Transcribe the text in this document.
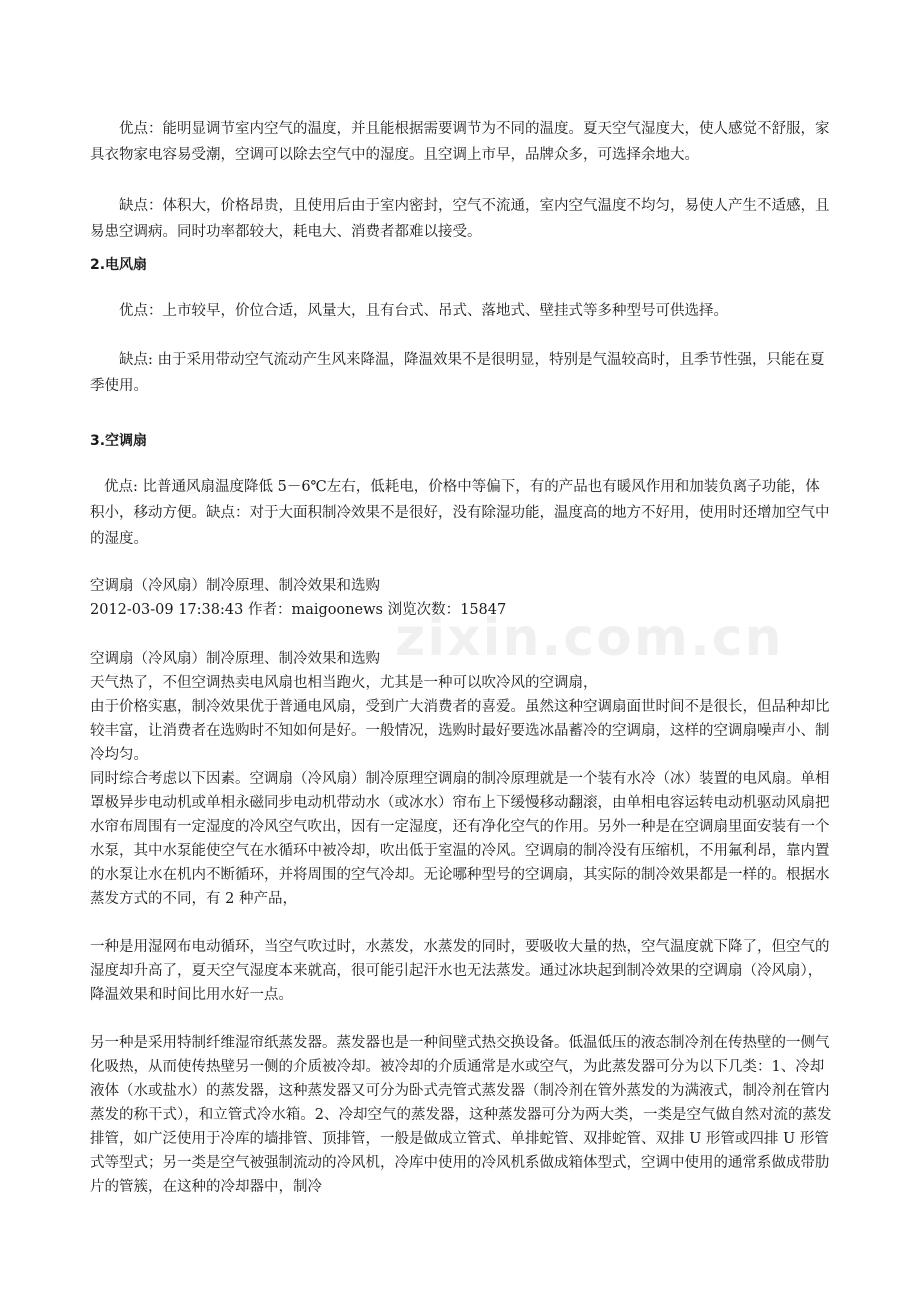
优点：能明显调节室内空气的温度，并且能根据需要调节为不同的温度。夏天空气湿度大，使人感觉不舒服，家具衣物家电容易受潮，空调可以除去空气中的湿度。且空调上市早，品牌众多，可选择余地大。
缺点：体积大，价格昂贵，且使用后由于室内密封，空气不流通，室内空气温度不均匀，易使人产生不适感，且易患空调病。同时功率都较大，耗电大、消费者都难以接受。
2.电风扇
优点：上市较早，价位合适，风量大，且有台式、吊式、落地式、壁挂式等多种型号可供选择。
缺点: 由于采用带动空气流动产生风来降温，降温效果不是很明显，特别是气温较高时，且季节性强，只能在夏季使用。
3.空调扇
优点: 比普通风扇温度降低 5－6℃左右，低耗电，价格中等偏下，有的产品也有暖风作用和加装负离子功能，体积小，移动方便。缺点：对于大面积制冷效果不是很好，没有除湿功能，温度高的地方不好用，使用时还增加空气中的湿度。
空调扇（冷风扇）制冷原理、制冷效果和选购
2012-03-09 17:38:43 作者：maigoonews 浏览次数：15847
空调扇（冷风扇）制冷原理、制冷效果和选购
天气热了，不但空调热卖电风扇也相当跑火，尤其是一种可以吹冷风的空调扇，
由于价格实惠，制冷效果优于普通电风扇，受到广大消费者的喜爱。虽然这种空调扇面世时间不是很长，但品种却比较丰富，让消费者在选购时不知如何是好。一般情况，选购时最好要选冰晶蓄冷的空调扇，这样的空调扇噪声小、制冷均匀。
同时综合考虑以下因素。空调扇（冷风扇）制冷原理空调扇的制冷原理就是一个装有水冷（冰）装置的电风扇。单相罩极异步电动机或单相永磁同步电动机带动水（或冰水）帘布上下缓慢移动翻滚，由单相电容运转电动机驱动风扇把水帘布周围有一定湿度的冷风空气吹出，因有一定湿度，还有净化空气的作用。另外一种是在空调扇里面安装有一个水泵，其中水泵能使空气在水循环中被冷却，吹出低于室温的冷风。空调扇的制冷没有压缩机，不用氟利昂，靠内置的水泵让水在机内不断循环，并将周围的空气冷却。无论哪种型号的空调扇，其实际的制冷效果都是一样的。根据水蒸发方式的不同，有 2 种产品，
一种是用湿网布电动循环，当空气吹过时，水蒸发，水蒸发的同时，要吸收大量的热，空气温度就下降了，但空气的湿度却升高了，夏天空气湿度本来就高，很可能引起汗水也无法蒸发。通过冰块起到制冷效果的空调扇（冷风扇），降温效果和时间比用水好一点。
另一种是采用特制纤维湿帘纸蒸发器。蒸发器也是一种间壁式热交换设备。低温低压的液态制冷剂在传热壁的一侧气化吸热，从而使传热壁另一侧的介质被冷却。被冷却的介质通常是水或空气，为此蒸发器可分为以下几类：1、冷却液体（水或盐水）的蒸发器，这种蒸发器又可分为卧式壳管式蒸发器（制冷剂在管外蒸发的为满液式，制冷剂在管内蒸发的称干式），和立管式冷水箱。2、冷却空气的蒸发器，这种蒸发器可分为两大类，一类是空气做自然对流的蒸发排管，如广泛使用于冷库的墙排管、顶排管，一般是做成立管式、单排蛇管、双排蛇管、双排 U 形管或四排 U 形管式等型式；另一类是空气被强制流动的冷风机，冷库中使用的冷风机系做成箱体型式，空调中使用的通常系做成带肋片的管簇，在这种的冷却器中，制冷
zixin.com.cn
